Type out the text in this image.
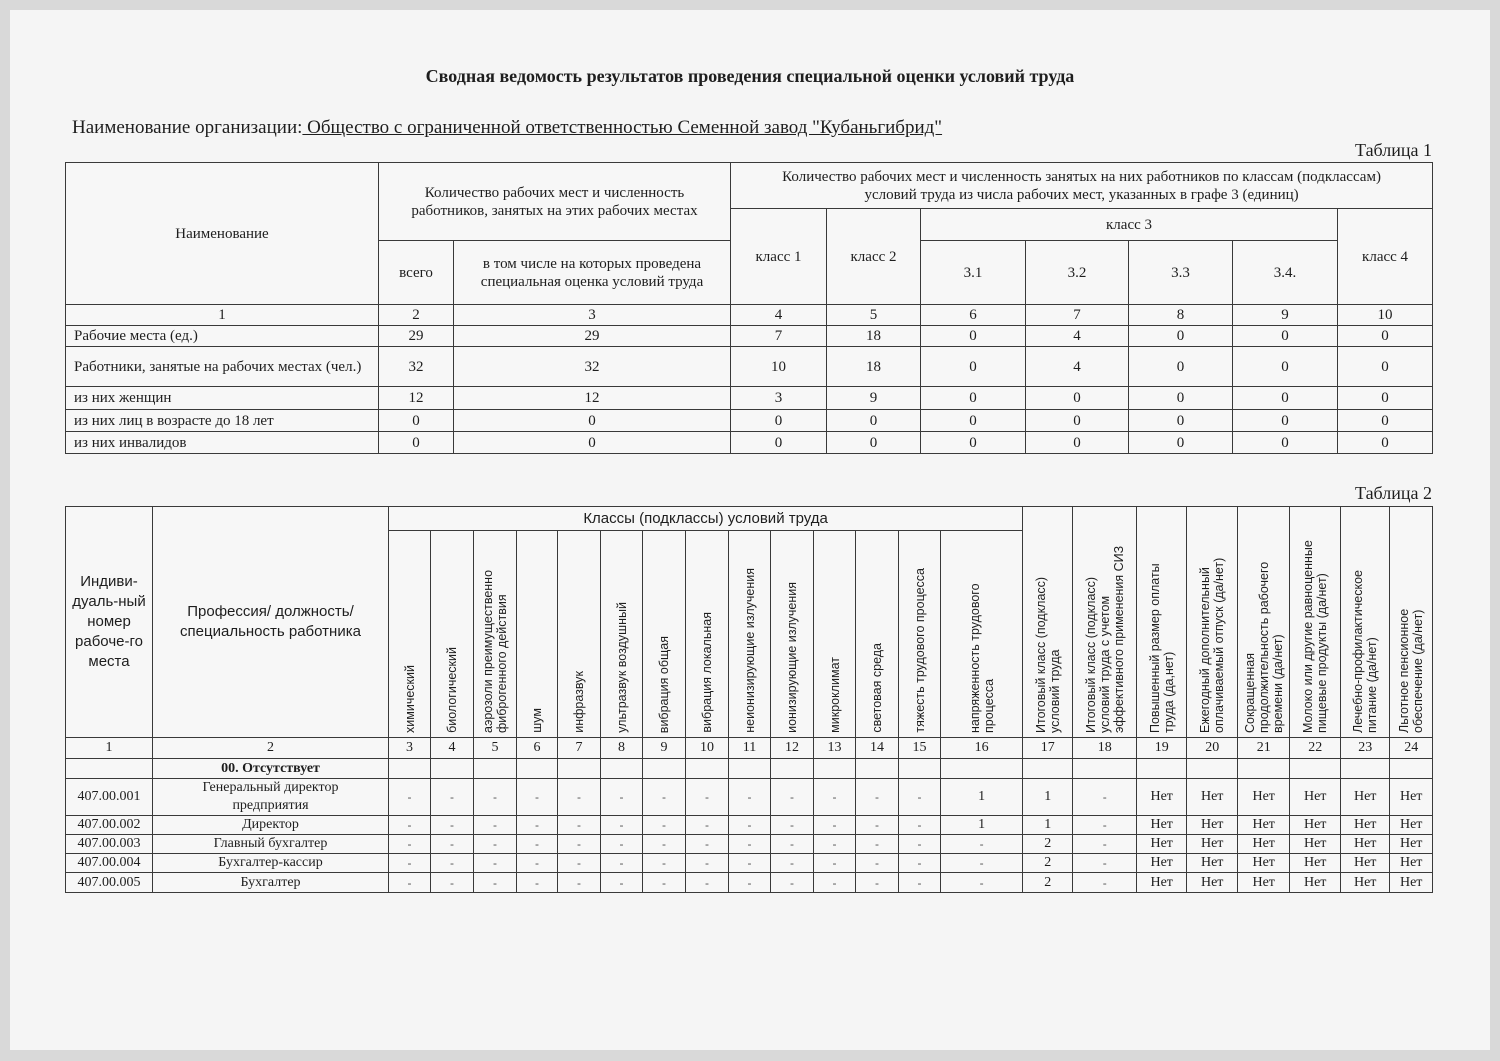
Сводная ведомость результатов проведения специальной оценки условий труда
Наименование организации: Общество с ограниченной ответственностью Семенной завод "Кубаньгибрид"
Таблица 1
Наименование	Количество рабочих мест и численность работников, занятых на этих рабочих местах		Количество рабочих мест и численность занятых на них работников по классам (подклассам) условий труда из числа рабочих мест, указанных в графе 3 (единиц)						
			класс 1	класс 2	класс 3				класс 4
	всего	в том числе на которых проведена специальная оценка условий труда			3.1	3.2	3.3	3.4.	
1	2	3	4	5	6	7	8	9	10
Рабочие места (ед.)	29	29	7	18	0	4	0	0	0
Работники, занятые на рабочих местах (чел.)	32	32	10	18	0	4	0	0	0
из них женщин	12	12	3	9	0	0	0	0	0
из них лиц в возрасте до 18 лет	0	0	0	0	0	0	0	0	0
из них инвалидов	0	0	0	0	0	0	0	0	0
Таблица 2
Индиви-дуаль-ный номер рабоче-го места	Профессия/ должность/ специальность работника	Классы (подклассы) условий труда														Итоговый класс (подкласс) условий труда	Итоговый класс (подкласс) условий труда с учетом эффективного применения СИЗ	Повышенный размер оплаты труда (да,нет)	Ежегодный дополнительный оплачиваемый отпуск (да/нет)	Сокращенная продолжительность рабочего времени (да/нет)	Молоко или другие равноценные пищевые продукты (да/нет)	Лечебно-профилактическое питание (да/нет)	Льготное пенсионное обеспечение (да/нет)

		химический	биологический	аэрозоли преимущественно фиброгенного действия	шум	инфразвук	ультразвук воздушный	вибрация общая	вибрация локальная	неионизирующие излучения	ионизирующие излучения	микроклимат	световая среда	тяжесть трудового процесса	напряженность трудового процесса								

1	2	3	4	5	6	7	8	9	10	11	12	13	14	15	16	17	18	19	20	21	22	23	24
	00. Отсутствует																						
407.00.001	Генеральный директор предприятия	-	-	-	-	-	-	-	-	-	-	-	-	-	1	1	-	Нет	Нет	Нет	Нет	Нет	Нет
407.00.002	Директор	-	-	-	-	-	-	-	-	-	-	-	-	-	1	1	-	Нет	Нет	Нет	Нет	Нет	Нет
407.00.003	Главный бухгалтер	-	-	-	-	-	-	-	-	-	-	-	-	-	-	2	-	Нет	Нет	Нет	Нет	Нет	Нет
407.00.004	Бухгалтер-кассир	-	-	-	-	-	-	-	-	-	-	-	-	-	-	2	-	Нет	Нет	Нет	Нет	Нет	Нет
407.00.005	Бухгалтер	-	-	-	-	-	-	-	-	-	-	-	-	-	-	2	-	Нет	Нет	Нет	Нет	Нет	Нет
